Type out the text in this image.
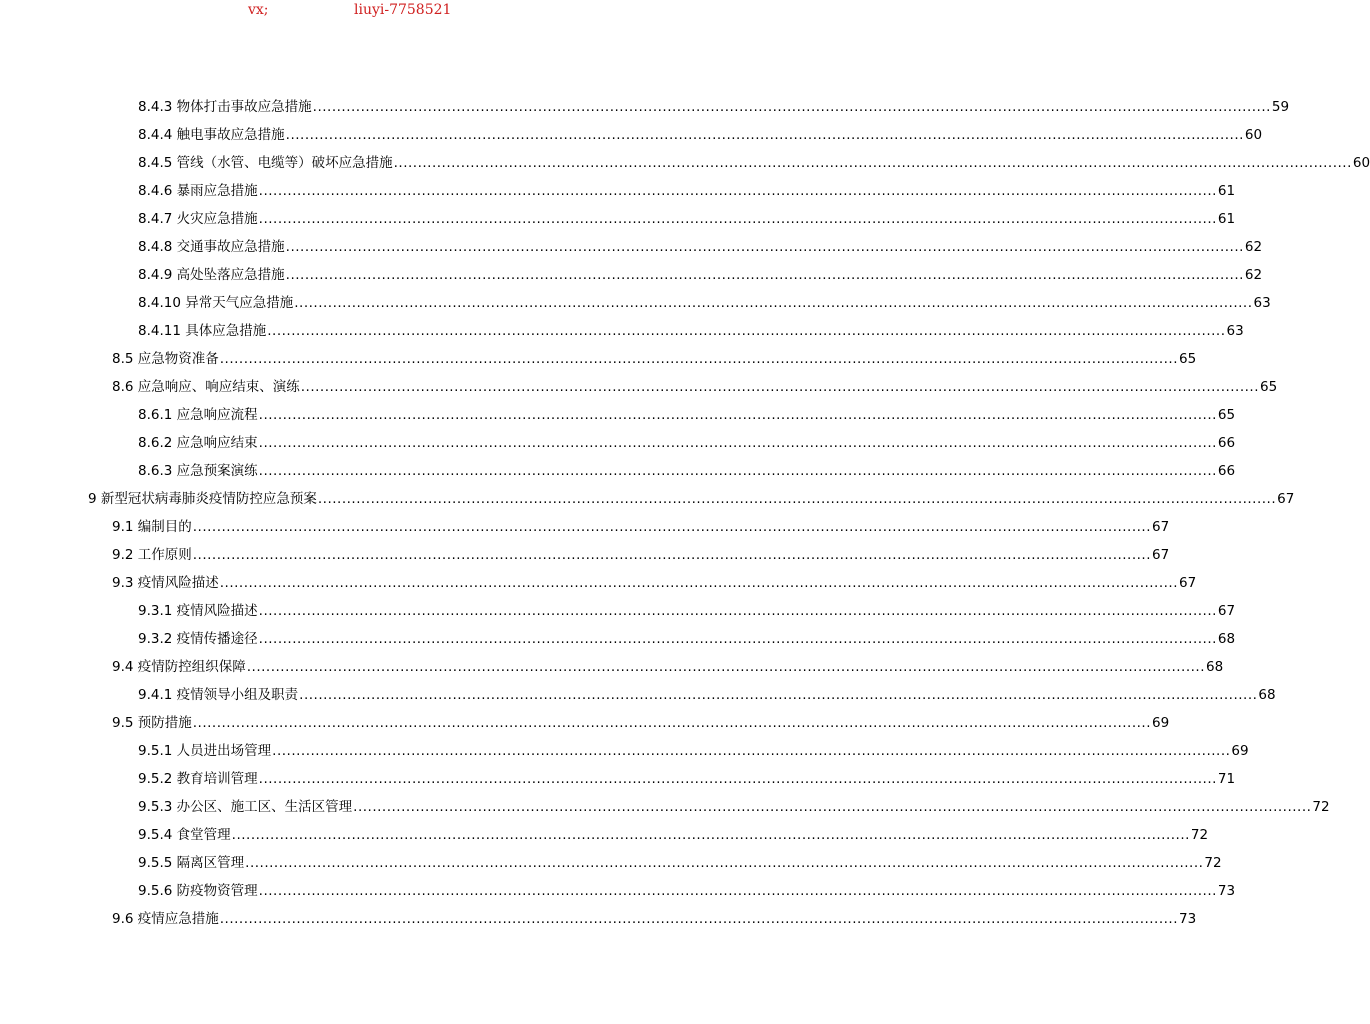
vx;	liuyi-7758521
8.4.3 物体打击事故应急措施 ........................................................................................................................................................................................................ 59
8.4.4 触电事故应急措施 ........................................................................................................................................................................................................ 60
8.4.5 管线（水管、电缆等）破坏应急措施 ........................................................................................................................................................................................................ 60
8.4.6 暴雨应急措施 ........................................................................................................................................................................................................ 61
8.4.7 火灾应急措施 ........................................................................................................................................................................................................ 61
8.4.8 交通事故应急措施 ........................................................................................................................................................................................................ 62
8.4.9 高处坠落应急措施 ........................................................................................................................................................................................................ 62
8.4.10 异常天气应急措施 ........................................................................................................................................................................................................ 63
8.4.11 具体应急措施 ........................................................................................................................................................................................................ 63
8.5 应急物资准备 ........................................................................................................................................................................................................ 65
8.6 应急响应、响应结束、演练 ........................................................................................................................................................................................................ 65
8.6.1 应急响应流程 ........................................................................................................................................................................................................ 65
8.6.2 应急响应结束 ........................................................................................................................................................................................................ 66
8.6.3 应急预案演练 ........................................................................................................................................................................................................ 66
9 新型冠状病毒肺炎疫情防控应急预案 ........................................................................................................................................................................................................ 67
9.1 编制目的 ........................................................................................................................................................................................................ 67
9.2 工作原则 ........................................................................................................................................................................................................ 67
9.3 疫情风险描述 ........................................................................................................................................................................................................ 67
9.3.1 疫情风险描述 ........................................................................................................................................................................................................ 67
9.3.2 疫情传播途径 ........................................................................................................................................................................................................ 68
9.4 疫情防控组织保障 ........................................................................................................................................................................................................ 68
9.4.1 疫情领导小组及职责 ........................................................................................................................................................................................................ 68
9.5 预防措施 ........................................................................................................................................................................................................ 69
9.5.1 人员进出场管理 ........................................................................................................................................................................................................ 69
9.5.2 教育培训管理 ........................................................................................................................................................................................................ 71
9.5.3 办公区、施工区、生活区管理 ........................................................................................................................................................................................................ 72
9.5.4 食堂管理 ........................................................................................................................................................................................................ 72
9.5.5 隔离区管理 ........................................................................................................................................................................................................ 72
9.5.6 防疫物资管理 ........................................................................................................................................................................................................ 73
9.6 疫情应急措施 ........................................................................................................................................................................................................ 73
